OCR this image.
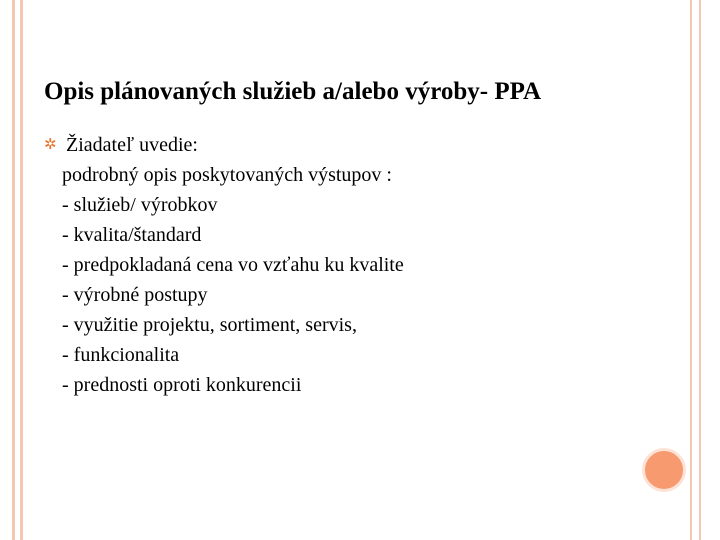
Opis plánovaných služieb a/alebo výroby- PPA
✲ Žiadateľ uvedie:
podrobný opis poskytovaných výstupov :
- služieb/ výrobkov
- kvalita/štandard
- predpokladaná cena vo vzťahu ku kvalite
- výrobné postupy
- využitie projektu, sortiment, servis,
- funkcionalita
- prednosti oproti konkurencii
